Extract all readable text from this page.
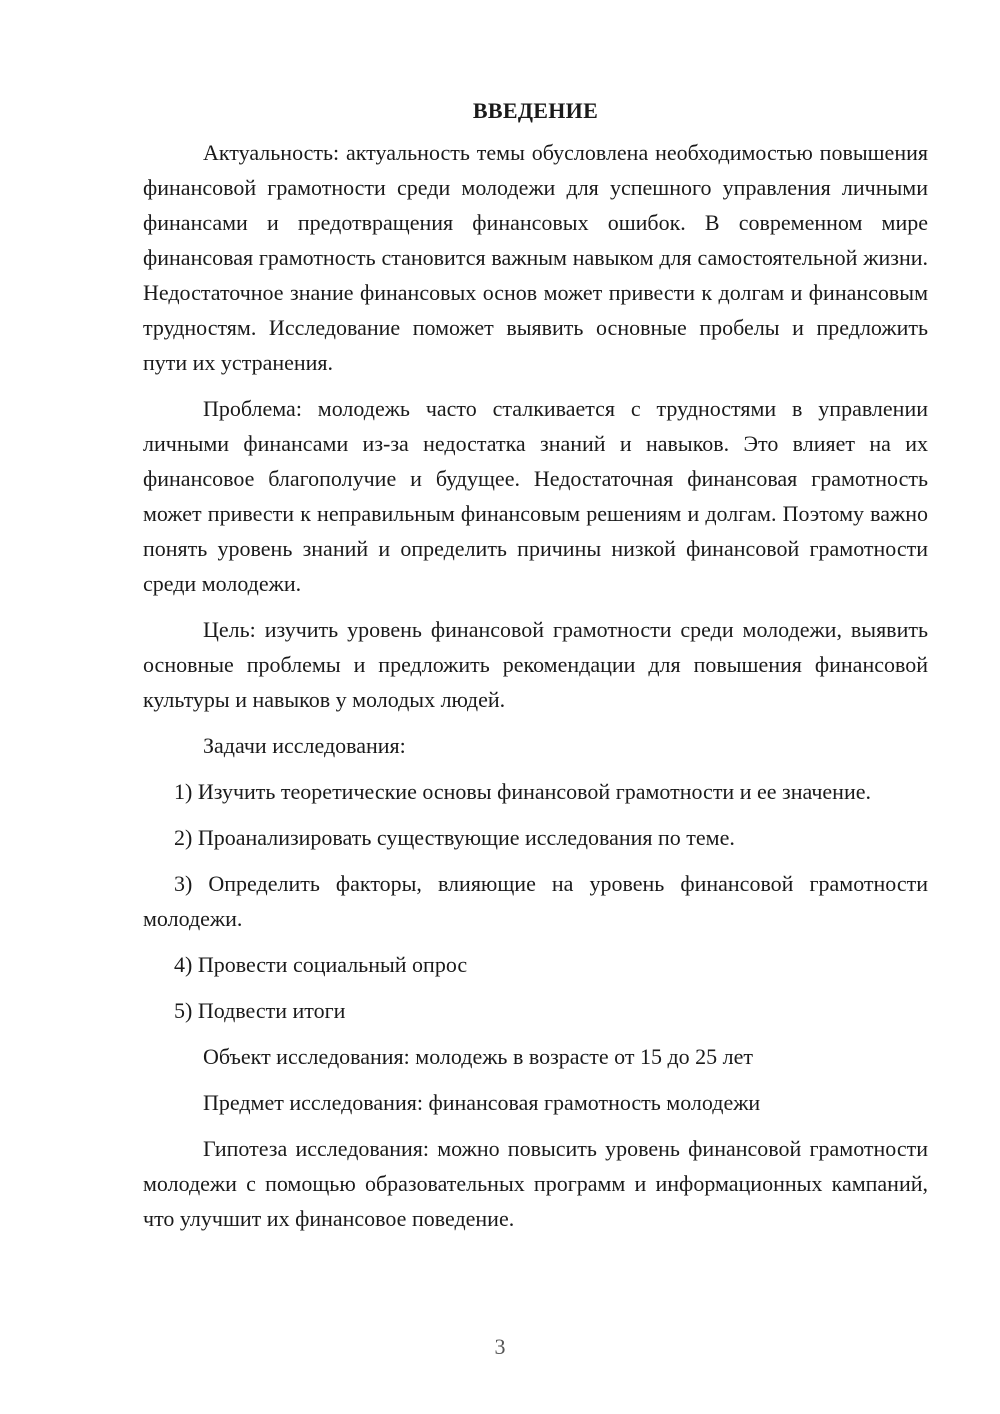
ВВЕДЕНИЕ

Актуальность: актуальность темы обусловлена необходимостью повышения финансовой грамотности среди молодежи для успешного управления личными финансами и предотвращения финансовых ошибок. В современном мире финансовая грамотность становится важным навыком для самостоятельной жизни. Недостаточное знание финансовых основ может привести к долгам и финансовым трудностям. Исследование поможет выявить основные пробелы и предложить пути их устранения.

Проблема: молодежь часто сталкивается с трудностями в управлении личными финансами из-за недостатка знаний и навыков. Это влияет на их финансовое благополучие и будущее. Недостаточная финансовая грамотность может привести к неправильным финансовым решениям и долгам. Поэтому важно понять уровень знаний и определить причины низкой финансовой грамотности среди молодежи.

Цель: изучить уровень финансовой грамотности среди молодежи, выявить основные проблемы и предложить рекомендации для повышения финансовой культуры и навыков у молодых людей.

Задачи исследования:

1) Изучить теоретические основы финансовой грамотности и ее значение.

2) Проанализировать существующие исследования по теме.

3) Определить факторы, влияющие на уровень финансовой грамотности молодежи.

4) Провести социальный опрос

5) Подвести итоги

Объект исследования: молодежь в возрасте от 15 до 25 лет

Предмет исследования: финансовая грамотность молодежи

Гипотеза исследования: можно повысить уровень финансовой грамотности молодежи с помощью образовательных программ и информационных кампаний, что улучшит их финансовое поведение.

3
